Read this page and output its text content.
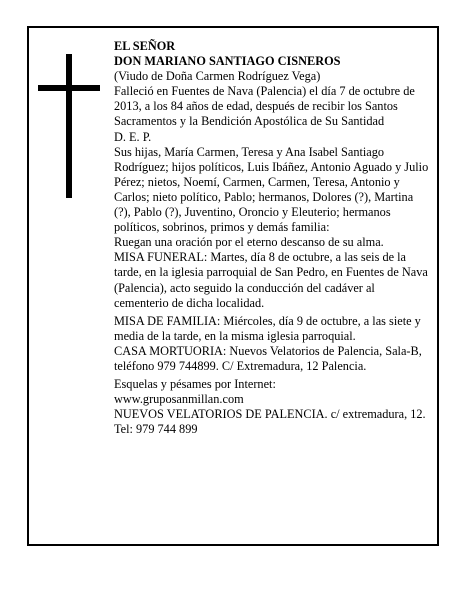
EL SEÑOR

DON MARIANO SANTIAGO CISNEROS

(Viudo de Doña Carmen Rodríguez Vega)

Falleció en Fuentes de Nava (Palencia) el día 7 de octubre de 2013, a los 84 años de edad, después de recibir los Santos Sacramentos y la Bendición Apostólica de Su Santidad

D. E. P.

Sus hijas, María Carmen, Teresa y Ana Isabel Santiago Rodríguez; hijos políticos, Luis Ibáñez, Antonio Aguado y Julio Pérez; nietos, Noemí, Carmen, Carmen, Teresa, Antonio y Carlos; nieto político, Pablo; hermanos, Dolores (?), Martina (?), Pablo (?), Juventino, Oroncio y Eleuterio; hermanos políticos, sobrinos, primos y demás familia:

Ruegan una oración por el eterno descanso de su alma.

MISA FUNERAL: Martes, día 8 de octubre, a las seis de la tarde, en la iglesia parroquial de San Pedro, en Fuentes de Nava (Palencia), acto seguido la conducción del cadáver al cementerio de dicha localidad.

MISA DE FAMILIA: Miércoles, día 9 de octubre, a las siete y media de la tarde, en la misma iglesia parroquial.

CASA MORTUORIA: Nuevos Velatorios de Palencia, Sala-B, teléfono 979 744899. C/ Extremadura, 12 Palencia.

Esquelas y pésames por Internet:

www.gruposanmillan.com

NUEVOS VELATORIOS DE PALENCIA. c/ extremadura, 12. Tel: 979 744 899
